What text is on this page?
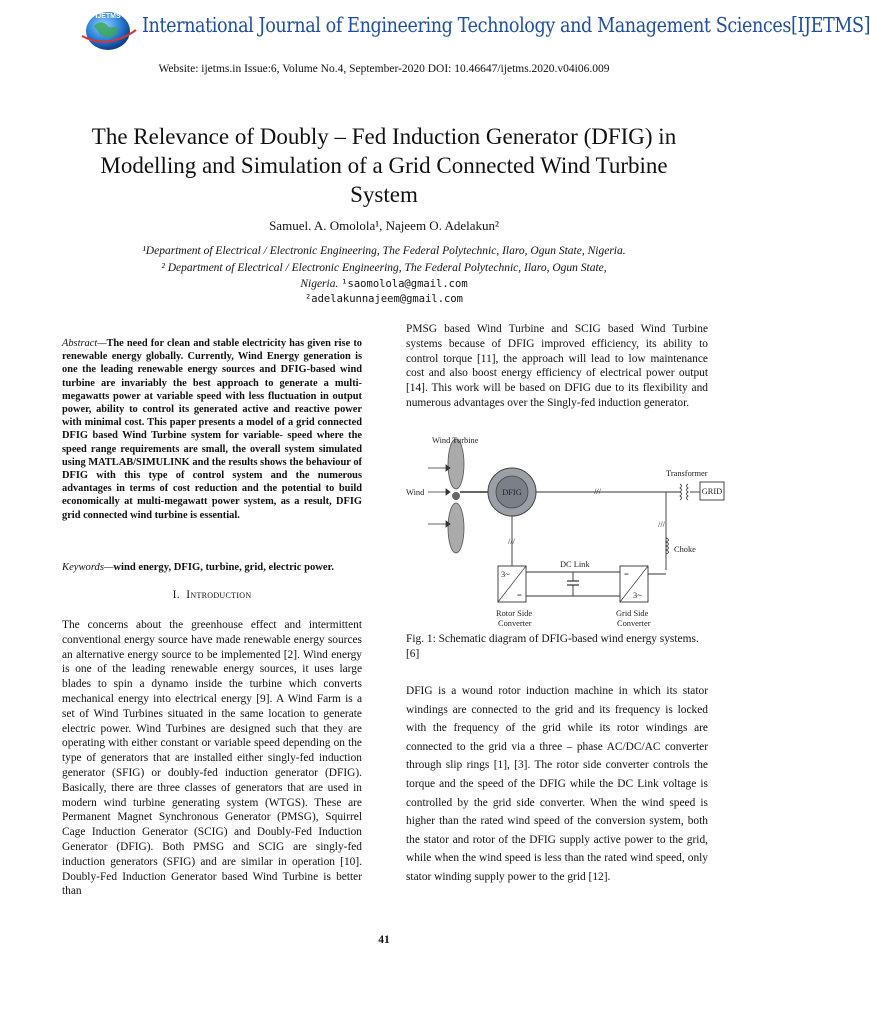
IJETMS International Journal of Engineering Technology and Management Sciences[IJETMS]
Website: ijetms.in Issue:6, Volume No.4, September-2020 DOI: 10.46647/ijetms.2020.v04i06.009
The Relevance of Doubly – Fed Induction Generator (DFIG) in Modelling and Simulation of a Grid Connected Wind Turbine System
Samuel. A. Omolola¹, Najeem O. Adelakun²
¹Department of Electrical / Electronic Engineering, The Federal Polytechnic, Ilaro, Ogun State, Nigeria.
² Department of Electrical / Electronic Engineering, The Federal Polytechnic, Ilaro, Ogun State,
Nigeria. ¹saomolola@gmail.com
²adelakunnajeem@gmail.com
Abstract—The need for clean and stable electricity has given rise to renewable energy globally. Currently, Wind Energy generation is one the leading renewable energy sources and DFIG-based wind turbine are invariably the best approach to generate a multi-megawatts power at variable speed with less fluctuation in output power, ability to control its generated active and reactive power with minimal cost. This paper presents a model of a grid connected DFIG based Wind Turbine system for variable- speed where the speed range requirements are small, the overall system simulated using MATLAB/SIMULINK and the results shows the behaviour of DFIG with this type of control system and the numerous advantages in terms of cost reduction and the potential to build economically at multi-megawatt power system, as a result, DFIG grid connected wind turbine is essential.
Keywords—wind energy, DFIG, turbine, grid, electric power.
I. Introduction
The concerns about the greenhouse effect and intermittent conventional energy source have made renewable energy sources an alternative energy source to be implemented [2]. Wind energy is one of the leading renewable energy sources, it uses large blades to spin a dynamo inside the turbine which converts mechanical energy into electrical energy [9]. A Wind Farm is a set of Wind Turbines situated in the same location to generate electric power. Wind Turbines are designed such that they are operating with either constant or variable speed depending on the type of generators that are installed either singly-fed induction generator (SFIG) or doubly-fed induction generator (DFIG). Basically, there are three classes of generators that are used in modern wind turbine generating system (WTGS). These are Permanent Magnet Synchronous Generator (PMSG), Squirrel Cage Induction Generator (SCIG) and Doubly-Fed Induction Generator (DFIG). Both PMSG and SCIG are singly-fed induction generators (SFIG) and are similar in operation [10]. Doubly-Fed Induction Generator based Wind Turbine is better than
PMSG based Wind Turbine and SCIG based Wind Turbine systems because of DFIG improved efficiency, its ability to control torque [11], the approach will lead to low maintenance cost and also boost energy efficiency of electrical power output [14]. This work will be based on DFIG due to its flexibility and numerous advantages over the Singly-fed induction generator.
Wind Turbine
Wind	DFIG	///
Transformer
GRID
///
///
Choke
3~
=
=
3~
DC Link
Rotor Side
Converter
Grid Side
Converter
Fig. 1: Schematic diagram of DFIG-based wind energy systems. [6]
DFIG is a wound rotor induction machine in which its stator windings are connected to the grid and its frequency is locked with the frequency of the grid while its rotor windings are connected to the grid via a three – phase AC/DC/AC converter through slip rings [1], [3]. The rotor side converter controls the torque and the speed of the DFIG while the DC Link voltage is controlled by the grid side converter. When the wind speed is higher than the rated wind speed of the conversion system, both the stator and rotor of the DFIG supply active power to the grid, while when the wind speed is less than the rated wind speed, only stator winding supply power to the grid [12].
41
